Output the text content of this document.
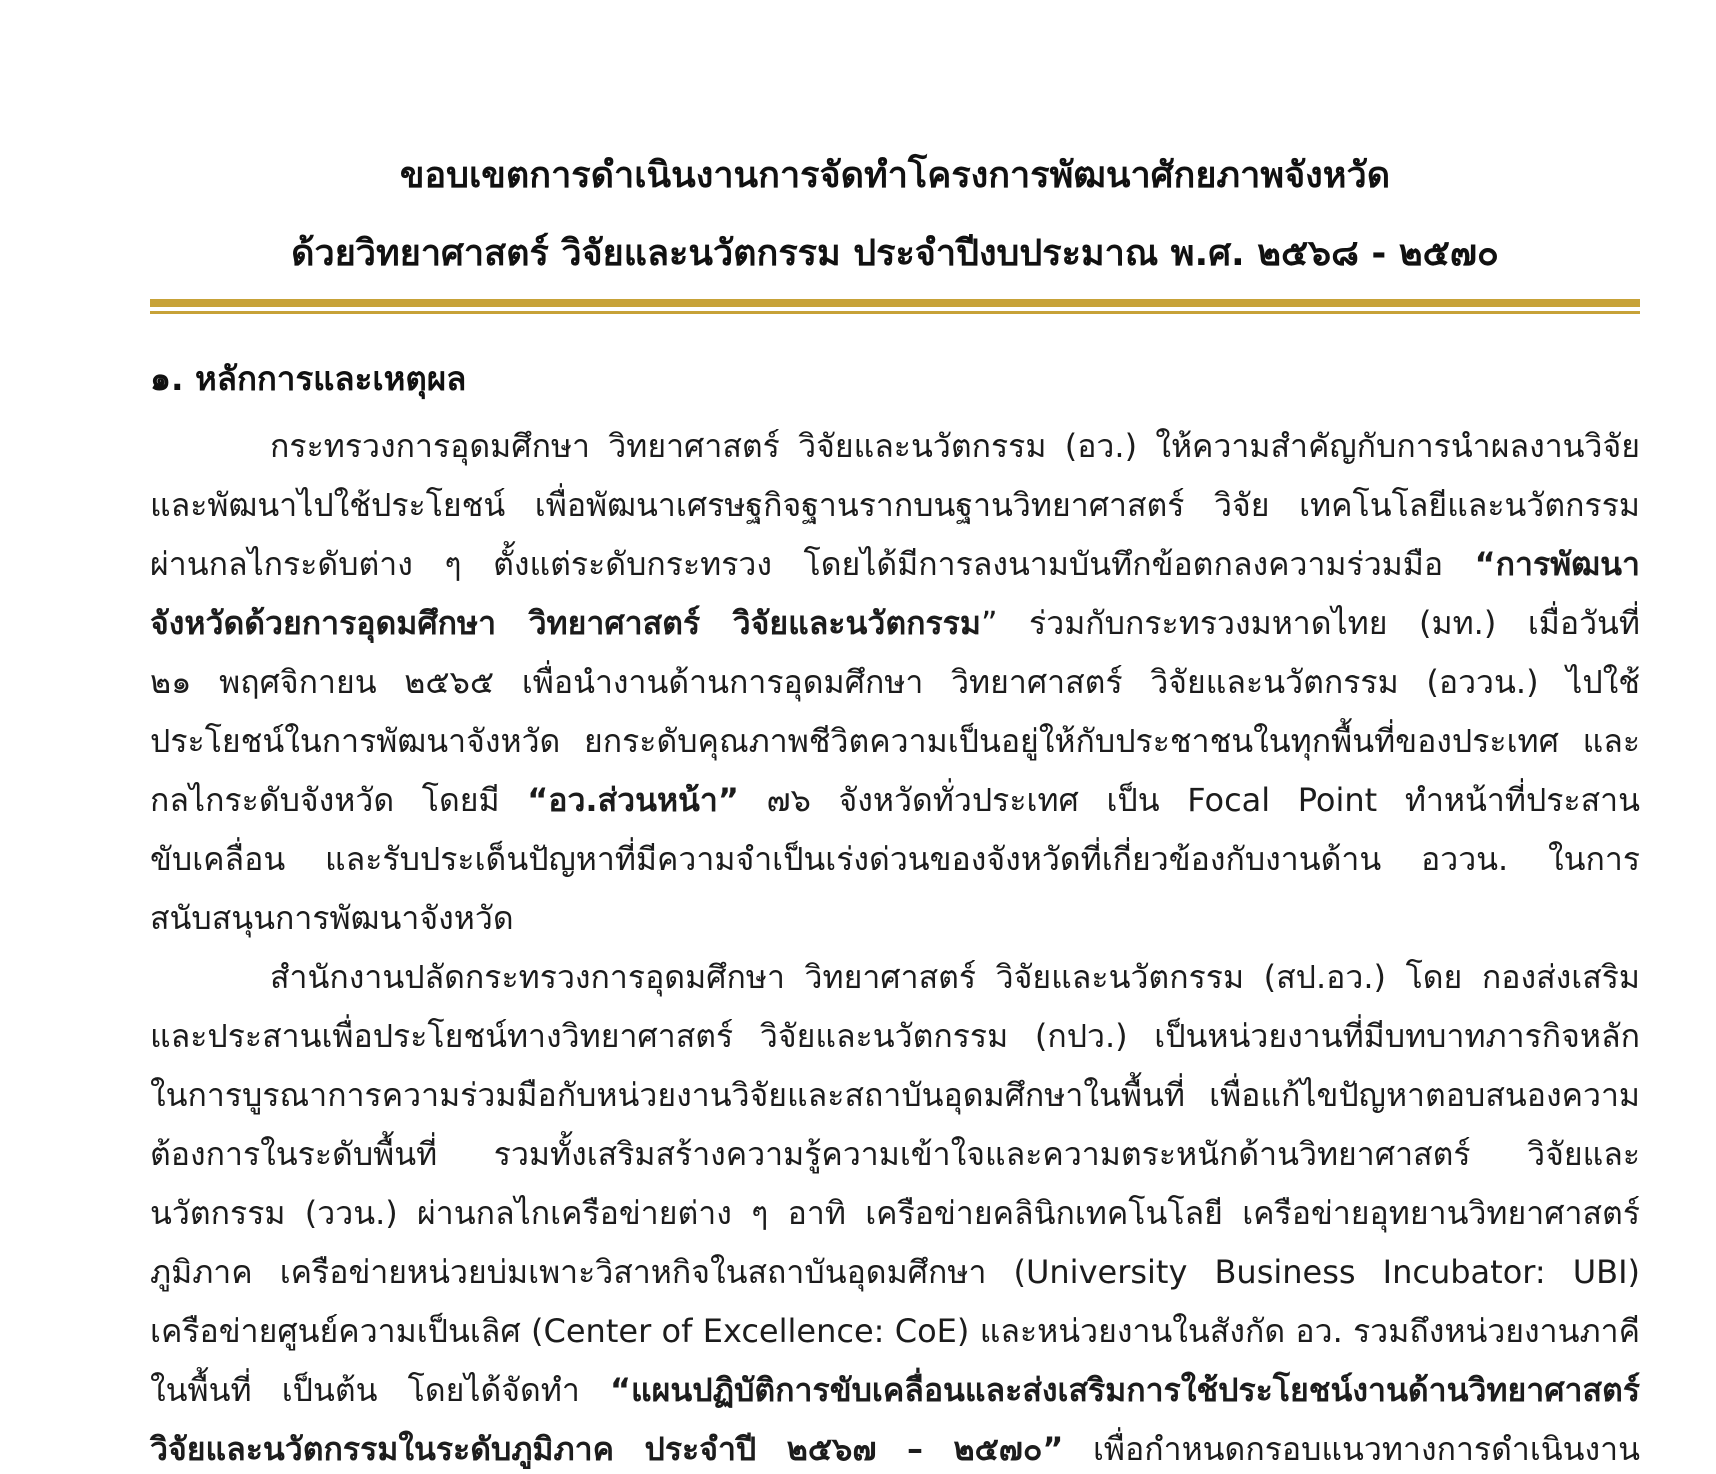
ขอบเขตการดำเนินงานการจัดทำโครงการพัฒนาศักยภาพจังหวัด
ด้วยวิทยาศาสตร์ วิจัยและนวัตกรรม ประจำปีงบประมาณ พ.ศ. ๒๕๖๘ - ๒๕๗๐
๑. หลักการและเหตุผล
กระทรวงการอุดมศึกษา วิทยาศาสตร์ วิจัยและนวัตกรรม (อว.) ให้ความสำคัญกับการนำผลงานวิจัย
และพัฒนาไปใช้ประโยชน์ เพื่อพัฒนาเศรษฐกิจฐานรากบนฐานวิทยาศาสตร์ วิจัย เทคโนโลยีและนวัตกรรม
ผ่านกลไกระดับต่าง ๆ ตั้งแต่ระดับกระทรวง โดยได้มีการลงนามบันทึกข้อตกลงความร่วมมือ “การพัฒนา
จังหวัดด้วยการอุดมศึกษา วิทยาศาสตร์ วิจัยและนวัตกรรม” ร่วมกับกระทรวงมหาดไทย (มท.) เมื่อวันที่
๒๑ พฤศจิกายน ๒๕๖๕ เพื่อนำงานด้านการอุดมศึกษา วิทยาศาสตร์ วิจัยและนวัตกรรม (อววน.) ไปใช้
ประโยชน์ในการพัฒนาจังหวัด ยกระดับคุณภาพชีวิตความเป็นอยู่ให้กับประชาชนในทุกพื้นที่ของประเทศ และ
กลไกระดับจังหวัด โดยมี “อว.ส่วนหน้า” ๗๖ จังหวัดทั่วประเทศ เป็น Focal Point ทำหน้าที่ประสาน
ขับเคลื่อน และรับประเด็นปัญหาที่มีความจำเป็นเร่งด่วนของจังหวัดที่เกี่ยวข้องกับงานด้าน อววน. ในการ
สนับสนุนการพัฒนาจังหวัด
สำนักงานปลัดกระทรวงการอุดมศึกษา วิทยาศาสตร์ วิจัยและนวัตกรรม (สป.อว.) โดย กองส่งเสริม
และประสานเพื่อประโยชน์ทางวิทยาศาสตร์ วิจัยและนวัตกรรม (กปว.) เป็นหน่วยงานที่มีบทบาทภารกิจหลัก
ในการบูรณาการความร่วมมือกับหน่วยงานวิจัยและสถาบันอุดมศึกษาในพื้นที่ เพื่อแก้ไขปัญหาตอบสนองความ
ต้องการในระดับพื้นที่ รวมทั้งเสริมสร้างความรู้ความเข้าใจและความตระหนักด้านวิทยาศาสตร์ วิจัยและ
นวัตกรรม (ววน.) ผ่านกลไกเครือข่ายต่าง ๆ อาทิ เครือข่ายคลินิกเทคโนโลยี เครือข่ายอุทยานวิทยาศาสตร์
ภูมิภาค เครือข่ายหน่วยบ่มเพาะวิสาหกิจในสถาบันอุดมศึกษา (University Business Incubator: UBI)
เครือข่ายศูนย์ความเป็นเลิศ (Center of Excellence: CoE) และหน่วยงานในสังกัด อว. รวมถึงหน่วยงานภาคี
ในพื้นที่ เป็นต้น โดยได้จัดทำ “แผนปฏิบัติการขับเคลื่อนและส่งเสริมการใช้ประโยชน์งานด้านวิทยาศาสตร์
วิจัยและนวัตกรรมในระดับภูมิภาค ประจำปี ๒๕๖๗ – ๒๕๗๐” เพื่อกำหนดกรอบแนวทางการดำเนินงาน
